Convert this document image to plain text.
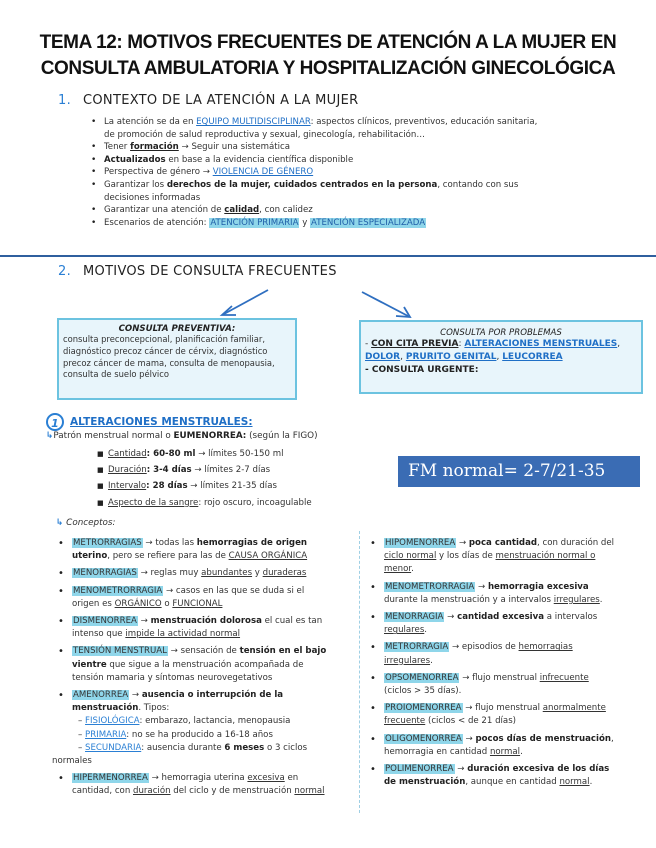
TEMA 12: MOTIVOS FRECUENTES DE ATENCIÓN A LA MUJER EN
CONSULTA AMBULATORIA Y HOSPITALIZACIÓN GINECOLÓGICA
1. CONTEXTO DE LA ATENCIÓN A LA MUJER
• La atención se da en EQUIPO MULTIDISCIPLINAR: aspectos clínicos, preventivos, educación sanitaria,
de promoción de salud reproductiva y sexual, ginecología, rehabilitación…
• Tener formación → Seguir una sistemática
• Actualizados en base a la evidencia científica disponible
• Perspectiva de género → VIOLENCIA DE GÉNERO
• Garantizar los derechos de la mujer, cuidados centrados en la persona, contando con sus
decisiones informadas
• Garantizar una atención de calidad, con calidez
• Escenarios de atención: ATENCIÓN PRIMARIA y ATENCIÓN ESPECIALIZADA
2. MOTIVOS DE CONSULTA FRECUENTES
CONSULTA PREVENTIVA:
consulta preconcepcional, planificación familiar, diagnóstico precoz cáncer de cérvix, diagnóstico precoz cáncer de mama, consulta de menopausia, consulta de suelo pélvico
CONSULTA POR PROBLEMAS
- CON CITA PREVIA: ALTERACIONES MENSTRUALES,
DOLOR, PRURITO GENITAL, LEUCORREA
- CONSULTA URGENTE:
1	ALTERACIONES MENSTRUALES:
↳Patrón menstrual normal o EUMENORREA: (según la FIGO)
■ Cantidad: 60-80 ml → límites 50-150 ml
■ Duración: 3-4 días → límites 2-7 días
■ Intervalo: 28 días → límites 21-35 días
■ Aspecto de la sangre: rojo oscuro, incoagulable
FM normal= 2-7/21-35
↳ Conceptos:
• METRORRAGIAS → todas las hemorragias de origen
uterino, pero se refiere para las de CAUSA ORGÁNICA
• MENORRAGIAS → reglas muy abundantes y duraderas
• MENOMETRORRAGIA → casos en las que se duda si el
origen es ORGÁNICO o FUNCIONAL
• DISMENORREA → menstruación dolorosa el cual es tan
intenso que impide la actividad normal
• TENSIÓN MENSTRUAL → sensación de tensión en el bajo
vientre que sigue a la menstruación acompañada de
tensión mamaria y síntomas neurovegetativos
• AMENORREA → ausencia o interrupción de la
menstruación. Tipos:
– FISIOLÓGICA: embarazo, lactancia, menopausia
– PRIMARIA: no se ha producido a 16-18 años
– SECUNDARIA: ausencia durante 6 meses o 3 ciclos
normales
• HIPERMENORREA → hemorragia uterina excesiva en
cantidad, con duración del ciclo y de menstruación normal
• HIPOMENORREA → poca cantidad, con duración del
ciclo normal y los días de menstruación normal o
menor.
• MENOMETRORRAGIA → hemorragia excesiva
durante la menstruación y a intervalos irregulares.
• MENORRAGIA → cantidad excesiva a intervalos
regulares.
• METRORRAGIA → episodios de hemorragias
irregulares.
• OPSOMENORREA → flujo menstrual infrecuente
(ciclos > 35 días).
• PROIOMENORREA → flujo menstrual anormalmente
frecuente (ciclos < de 21 días)
• OLIGOMENORREA → pocos días de menstruación,
hemorragia en cantidad normal.
• POLIMENORREA → duración excesiva de los días
de menstruación, aunque en cantidad normal.
